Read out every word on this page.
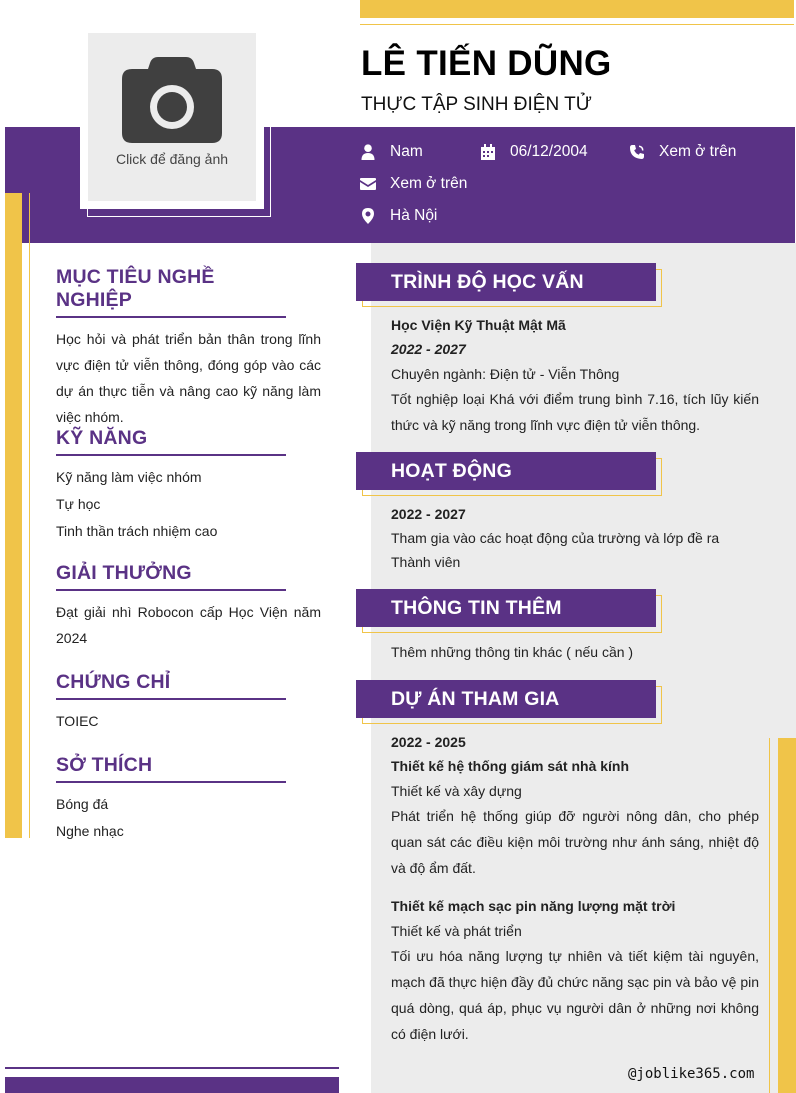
Click để đăng ảnh
LÊ TIẾN DŨNG
THỰC TẬP SINH ĐIỆN TỬ
Nam	06/12/2004	Xem ở trên
Xem ở trên
Hà Nội
MỤC TIÊU NGHỀ NGHIỆP
Học hỏi và phát triển bản thân trong lĩnh vực điện tử viễn thông, đóng góp vào các dự án thực tiễn và nâng cao kỹ năng làm việc nhóm.
KỸ NĂNG
Kỹ năng làm việc nhóm
Tự học
Tinh thần trách nhiệm cao
GIẢI THƯỞNG
Đạt giải nhì Robocon cấp Học Viện năm 2024
CHỨNG CHỈ
TOIEC
SỞ THÍCH
Bóng đá
Nghe nhạc
TRÌNH ĐỘ HỌC VẤN
Học Viện Kỹ Thuật Mật Mã
2022 - 2027
Chuyên ngành: Điện tử - Viễn Thông
Tốt nghiệp loại Khá với điểm trung bình 7.16, tích lũy kiến thức và kỹ năng trong lĩnh vực điện tử viễn thông.
HOẠT ĐỘNG
2022 - 2027
Tham gia vào các hoạt động của trường và lớp đề ra
Thành viên
THÔNG TIN THÊM
Thêm những thông tin khác ( nếu cần )
DỰ ÁN THAM GIA
2022 - 2025
Thiết kế hệ thống giám sát nhà kính
Thiết kế và xây dựng
Phát triển hệ thống giúp đỡ người nông dân, cho phép quan sát các điều kiện môi trường như ánh sáng, nhiệt độ và độ ẩm đất.
Thiết kế mạch sạc pin năng lượng mặt trời
Thiết kế và phát triển
Tối ưu hóa năng lượng tự nhiên và tiết kiệm tài nguyên, mạch đã thực hiện đầy đủ chức năng sạc pin và bảo vệ pin quá dòng, quá áp, phục vụ người dân ở những nơi không có điện lưới.
@joblike365.com
